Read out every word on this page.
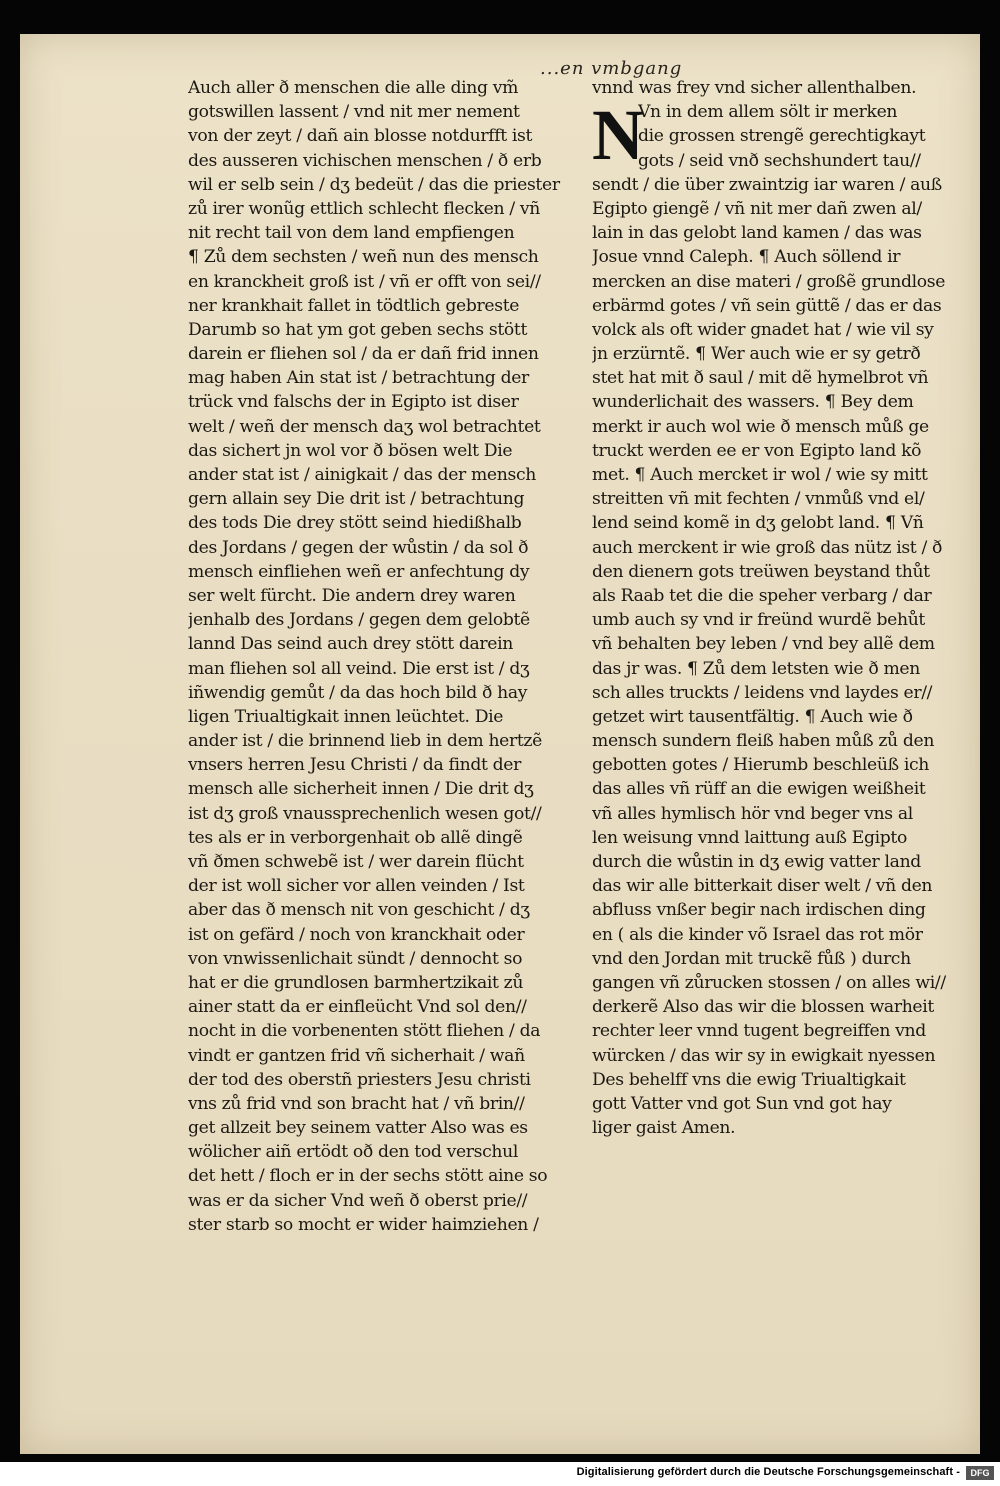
...en vmbgang
Auch aller ð menschen die alle ding vm̃
gotswillen lassent / vnd nit mer nement
von der zeyt / dañ ain blosse notdurfft ist
des ausseren vichischen menschen / ð erb
wil er selb sein / dʒ bedeüt / das die priester
zů irer wonũg ettlich schlecht flecken / vñ
nit recht tail von dem land empfiengen
¶ Zů dem sechsten / weñ nun des mensch
en kranckheit groß ist / vñ er offt von sei//
ner krankhait fallet in tödtlich gebreste
Darumb so hat ym got geben sechs stött
darein er fliehen sol / da er dañ frid innen
mag haben Ain stat ist / betrachtung der
trück vnd falschs der in Egipto ist diser
welt / weñ der mensch daʒ wol betrachtet
das sichert jn wol vor ð bösen welt Die
ander stat ist / ainigkait / das der mensch
gern allain sey Die drit ist / betrachtung
des tods Die drey stött seind hiedißhalb
des Jordans / gegen der wůstin / da sol ð
mensch einfliehen weñ er anfechtung dy
ser welt fürcht. Die andern drey waren
jenhalb des Jordans / gegen dem gelobtẽ
lannd Das seind auch drey stött darein
man fliehen sol all veind. Die erst ist / dʒ
iñwendig gemůt / da das hoch bild ð hay
ligen Triualtigkait innen leüchtet. Die
ander ist / die brinnend lieb in dem hertzẽ
vnsers herren Jesu Christi / da findt der
mensch alle sicherheit innen / Die drit dʒ
ist dʒ groß vnaussprechenlich wesen got//
tes als er in verborgenhait ob allẽ dingẽ
vñ ðmen schwebẽ ist / wer darein flücht
der ist woll sicher vor allen veinden / Ist
aber das ð mensch nit von geschicht / dʒ
ist on gefärd / noch von kranckhait oder
von vnwissenlichait sündt / dennocht so
hat er die grundlosen barmhertzikait zů
ainer statt da er einfleücht Vnd sol den//
nocht in die vorbenenten stött fliehen / da
vindt er gantzen frid vñ sicherhait / wañ
der tod des oberstñ priesters Jesu christi
vns zů frid vnd son bracht hat / vñ brin//
get allzeit bey seinem vatter Also was es
wölicher aiñ ertödt oð den tod verschul
det hett / floch er in der sechs stött aine so
was er da sicher Vnd weñ ð oberst prie//
ster starb so mocht er wider haimziehen /
vnnd was frey vnd sicher allenthalben.
N
Vn in dem allem sölt ir merken
die grossen strengẽ gerechtigkayt
gots / seid vnð sechshundert tau//
sendt / die über zwaintzig iar waren / auß
Egipto giengẽ / vñ nit mer dañ zwen al/
lain in das gelobt land kamen / das was
Josue vnnd Caleph. ¶ Auch söllend ir
mercken an dise materi / großẽ grundlose
erbärmd gotes / vñ sein güttẽ / das er das
volck als oft wider gnadet hat / wie vil sy
jn erzürntẽ. ¶ Wer auch wie er sy getrð
stet hat mit ð saul / mit dẽ hymelbrot vñ
wunderlichait des wassers. ¶ Bey dem
merkt ir auch wol wie ð mensch můß ge
truckt werden ee er von Egipto land kõ
met. ¶ Auch mercket ir wol / wie sy mitt
streitten vñ mit fechten / vnmůß vnd el/
lend seind komẽ in dʒ gelobt land. ¶ Vñ
auch merckent ir wie groß das nütz ist / ð
den dienern gots treüwen beystand thůt
als Raab tet die die speher verbarg / dar
umb auch sy vnd ir freünd wurdẽ behůt
vñ behalten bey leben / vnd bey allẽ dem
das jr was. ¶ Zů dem letsten wie ð men
sch alles truckts / leidens vnd laydes er//
getzet wirt tausentfältig. ¶ Auch wie ð
mensch sundern fleiß haben můß zů den
gebotten gotes / Hierumb beschleüß ich
das alles vñ rüff an die ewigen weißheit
vñ alles hymlisch hör vnd beger vns al
len weisung vnnd laittung auß Egipto
durch die wůstin in dʒ ewig vatter land
das wir alle bitterkait diser welt / vñ den
abfluss vnßer begir nach irdischen ding
en ( als die kinder võ Israel das rot mör
vnd den Jordan mit truckẽ fůß ) durch
gangen vñ zůrucken stossen / on alles wi//
derkerẽ Also das wir die blossen warheit
rechter leer vnnd tugent begreiffen vnd
würcken / das wir sy in ewigkait nyessen
Des behelff vns die ewig Triualtigkait
gott Vatter vnd got Sun vnd got hay
liger gaist Amen.
Digitalisierung gefördert durch die Deutsche Forschungsgemeinschaft -	DFG
